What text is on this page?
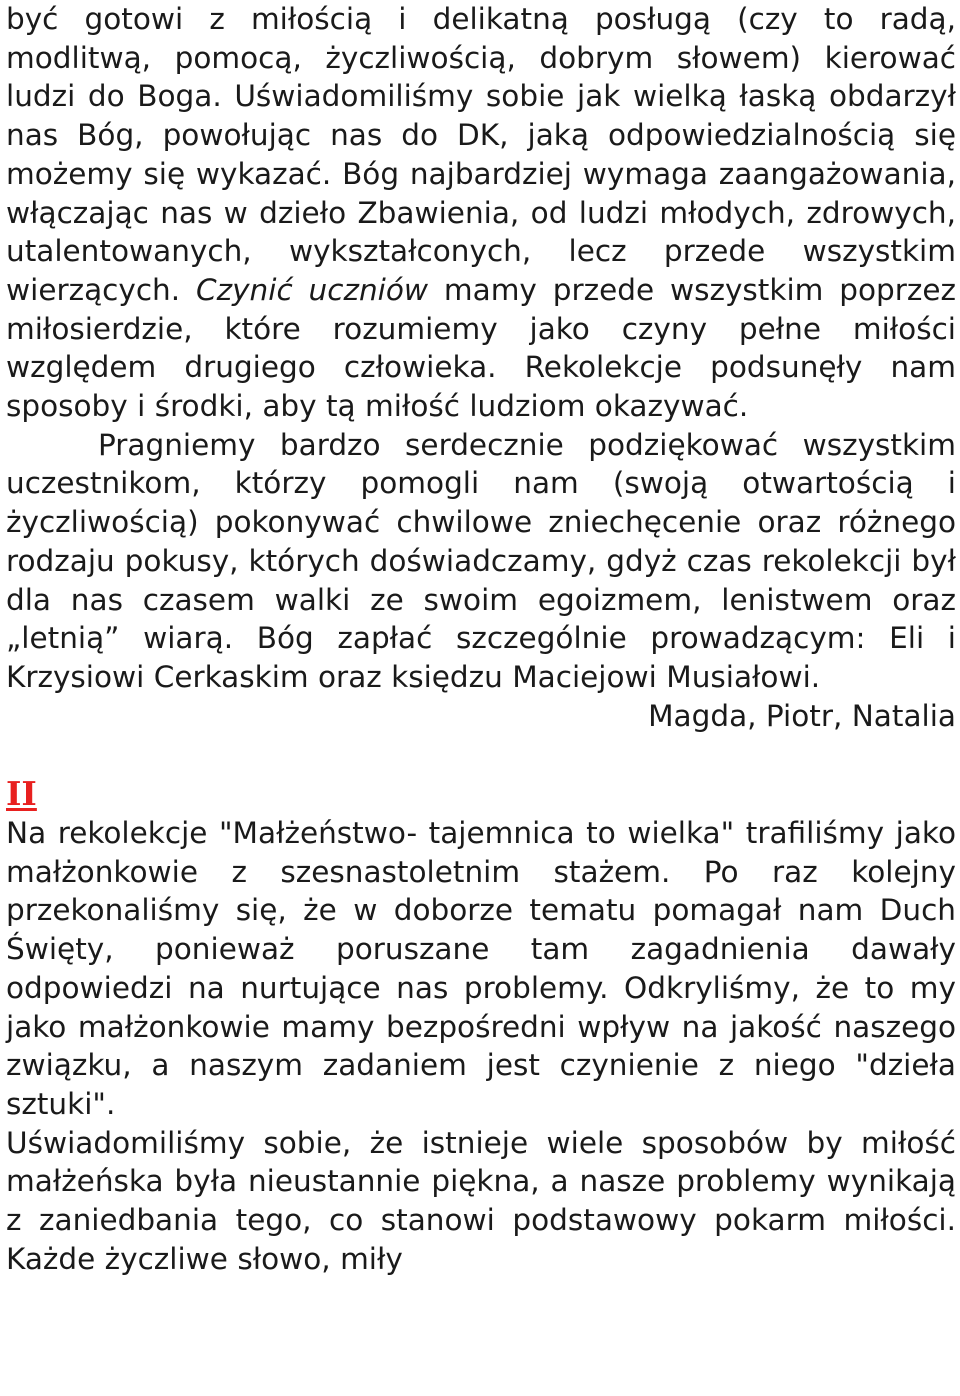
być gotowi z miłością i delikatną posługą (czy to radą, modlitwą, pomocą, życzliwością, dobrym słowem) kierować ludzi do Boga. Uświadomiliśmy sobie jak wielką łaską obdarzył nas Bóg, powołując nas do DK, jaką odpowiedzialnością się możemy się wykazać. Bóg najbardziej wymaga zaangażowania, włączając nas w dzieło Zbawienia, od ludzi młodych, zdrowych, utalentowanych, wykształconych, lecz przede wszystkim wierzących. Czynić uczniów mamy przede wszystkim poprzez miłosierdzie, które rozumiemy jako czyny pełne miłości względem drugiego człowieka. Rekolekcje podsunęły nam sposoby i środki, aby tą miłość ludziom okazywać.

Pragniemy bardzo serdecznie podziękować wszystkim uczestnikom, którzy pomogli nam (swoją otwartością i życzliwością) pokonywać chwilowe zniechęcenie oraz różnego rodzaju pokusy, których doświadczamy, gdyż czas rekolekcji był dla nas czasem walki ze swoim egoizmem, lenistwem oraz „letnią” wiarą. Bóg zapłać szczególnie prowadzącym: Eli i Krzysiowi Cerkaskim oraz księdzu Maciejowi Musiałowi.

Magda, Piotr, Natalia

II

Na rekolekcje "Małżeństwo- tajemnica to wielka" trafiliśmy jako małżonkowie z szesnastoletnim stażem. Po raz kolejny przekonaliśmy się, że w doborze tematu pomagał nam Duch Święty, ponieważ poruszane tam zagadnienia dawały odpowiedzi na nurtujące nas problemy. Odkryliśmy, że to my jako małżonkowie mamy bezpośredni wpływ na jakość naszego związku, a naszym zadaniem jest czynienie z niego "dzieła sztuki".

Uświadomiliśmy sobie, że istnieje wiele sposobów by miłość małżeńska była nieustannie piękna, a nasze problemy wynikają z zaniedbania tego, co stanowi podstawowy pokarm miłości. Każde życzliwe słowo, miły
